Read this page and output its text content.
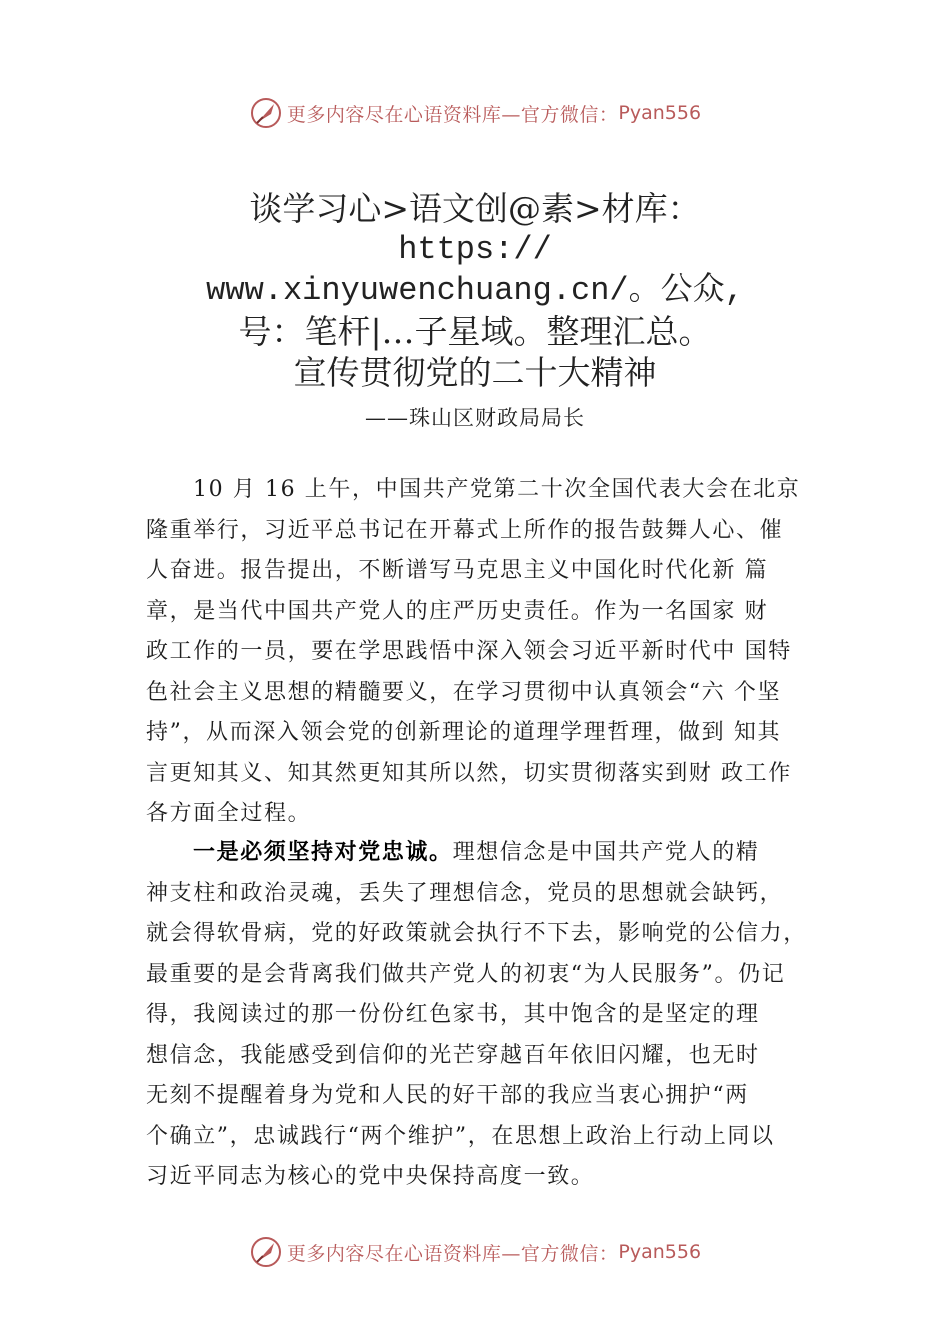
更多内容尽在心语资料库—官方微信： Pyan556
谈学习心>语文创@素>材库：
https://
www.xinyuwenchuang.cn/。公众,
号：笔杆|…子星域。整理汇总。
宣传贯彻党的二十大精神
——珠山区财政局局长
10 月 16 上午，中国共产党第二十次全国代表大会在北京
隆重举行，习近平总书记在开幕式上所作的报告鼓舞人心、催
人奋进。报告提出，不断谱写马克思主义中国化时代化新 篇
章，是当代中国共产党人的庄严历史责任。作为一名国家 财
政工作的一员，要在学思践悟中深入领会习近平新时代中 国特
色社会主义思想的精髓要义，在学习贯彻中认真领会“六 个坚
持”，从而深入领会党的创新理论的道理学理哲理，做到 知其
言更知其义、知其然更知其所以然，切实贯彻落实到财 政工作
各方面全过程。
一是必须坚持对党忠诚。理想信念是中国共产党人的精
神支柱和政治灵魂，丢失了理想信念，党员的思想就会缺钙，
就会得软骨病，党的好政策就会执行不下去，影响党的公信力，
最重要的是会背离我们做共产党人的初衷“为人民服务”。仍记
得，我阅读过的那一份份红色家书，其中饱含的是坚定的理
想信念，我能感受到信仰的光芒穿越百年依旧闪耀，也无时
无刻不提醒着身为党和人民的好干部的我应当衷心拥护“两
个确立”，忠诚践行“两个维护”，在思想上政治上行动上同以
习近平同志为核心的党中央保持高度一致。
更多内容尽在心语资料库—官方微信： Pyan556
